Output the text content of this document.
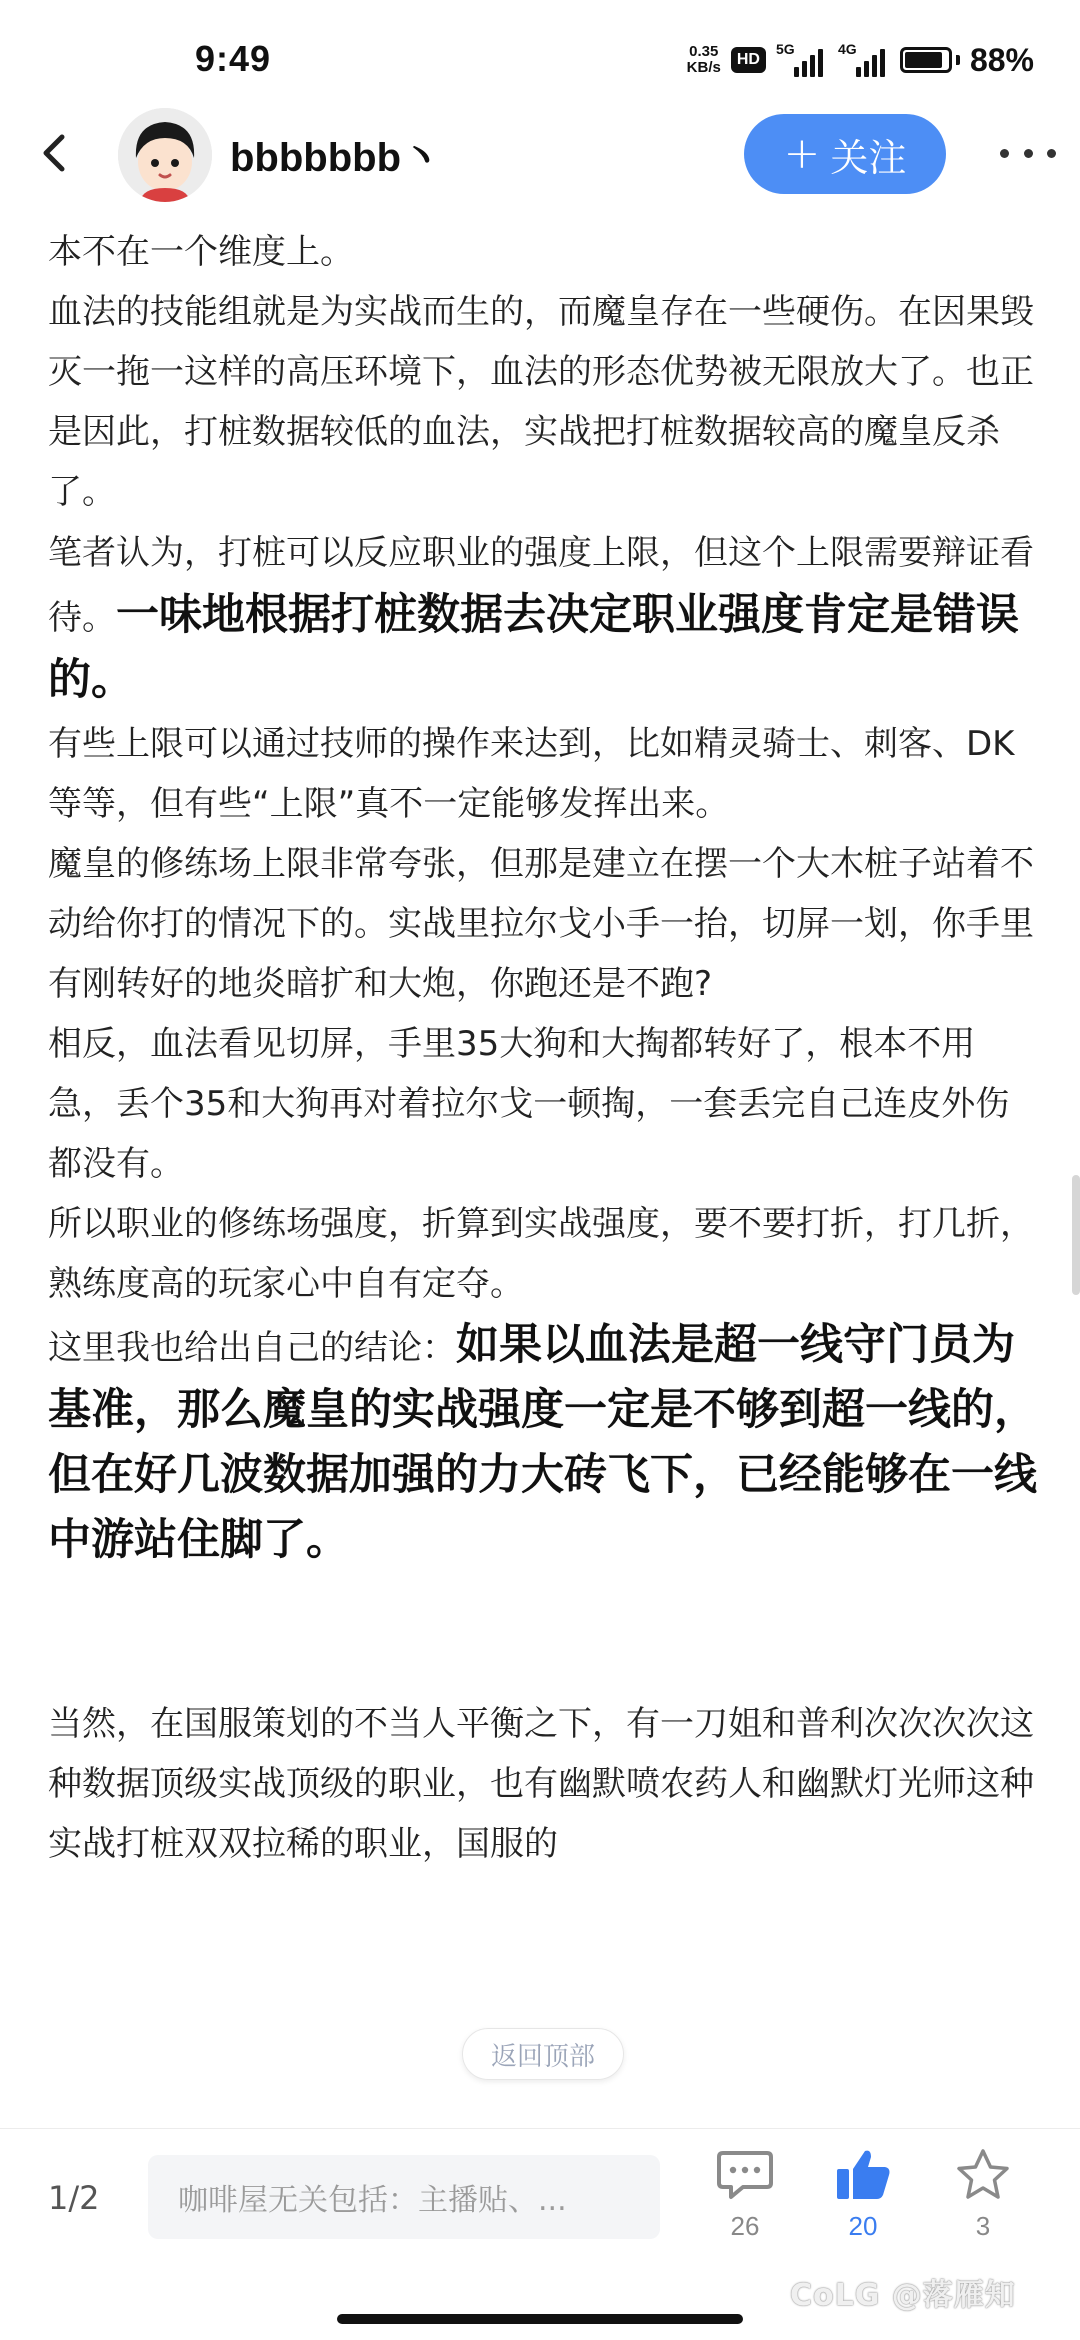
9:49	0.35
KB/s	HD
5G	4G	88%
bbbbbbb丶	+ 关注

本不在一个维度上。

血法的技能组就是为实战而生的，而魔皇存在一些硬伤。在因果毁灭一拖一这样的高压环境下，血法的形态优势被无限放大了。也正是因此，打桩数据较低的血法，实战把打桩数据较高的魔皇反杀了。

笔者认为，打桩可以反应职业的强度上限，但这个上限需要辩证看待。一味地根据打桩数据去决定职业强度肯定是错误的。

有些上限可以通过技师的操作来达到，比如精灵骑士、刺客、DK等等，但有些“上限”真不一定能够发挥出来。

魔皇的修练场上限非常夸张，但那是建立在摆一个大木桩子站着不动给你打的情况下的。实战里拉尔戈小手一抬，切屏一划，你手里有刚转好的地炎暗扩和大炮，你跑还是不跑?

相反，血法看见切屏，手里35大狗和大掏都转好了，根本不用急，丢个35和大狗再对着拉尔戈一顿掏，一套丢完自己连皮外伤都没有。

所以职业的修练场强度，折算到实战强度，要不要打折，打几折，熟练度高的玩家心中自有定夺。

这里我也给出自己的结论：如果以血法是超一线守门员为基准，那么魔皇的实战强度一定是不够到超一线的，但在好几波数据加强的力大砖飞下，已经能够在一线中游站住脚了。

当然，在国服策划的不当人平衡之下，有一刀姐和普利次次次次这种数据顶级实战顶级的职业，也有幽默喷农药人和幽默灯光师这种实战打桩双双拉稀的职业，国服的

返回顶部
1/2	咖啡屋无关包括：主播贴、...
26	20	3
CoLG @落雁知
